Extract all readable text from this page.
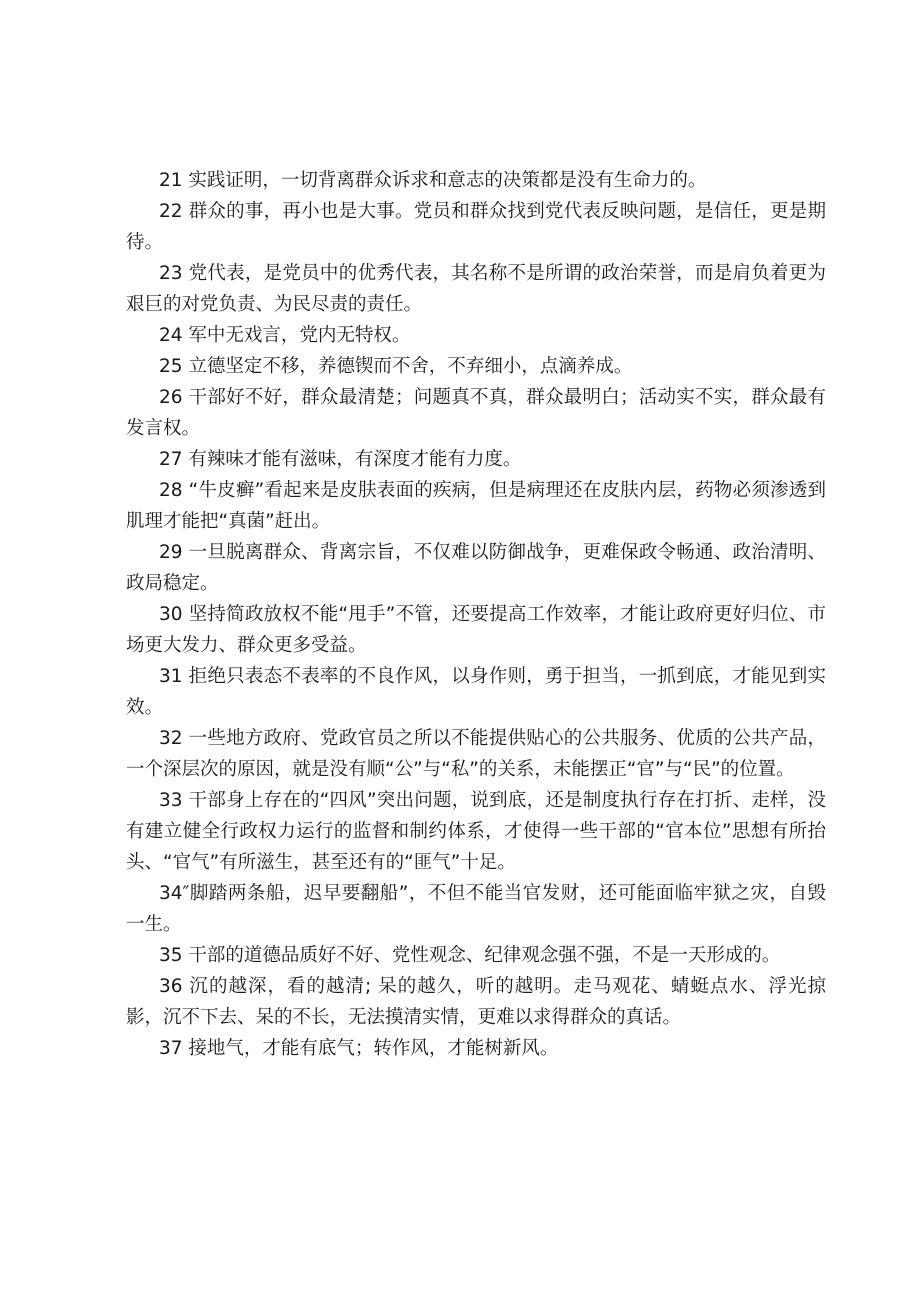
21 实践证明，一切背离群众诉求和意志的决策都是没有生命力的。

22 群众的事，再小也是大事。党员和群众找到党代表反映问题，是信任，更是期待。

23 党代表，是党员中的优秀代表，其名称不是所谓的政治荣誉，而是肩负着更为艰巨的对党负责、为民尽责的责任。

24 军中无戏言，党内无特权。

25 立德坚定不移，养德锲而不舍，不弃细小，点滴养成。

26 干部好不好，群众最清楚；问题真不真，群众最明白；活动实不实，群众最有发言权。

27 有辣味才能有滋味，有深度才能有力度。

28 “牛皮癣”看起来是皮肤表面的疾病，但是病理还在皮肤内层，药物必须渗透到肌理才能把“真菌”赶出。

29 一旦脱离群众、背离宗旨，不仅难以防御战争，更难保政令畅通、政治清明、政局稳定。

30 坚持简政放权不能“甩手”不管，还要提高工作效率，才能让政府更好归位、市场更大发力、群众更多受益。

31 拒绝只表态不表率的不良作风，以身作则，勇于担当，一抓到底，才能见到实效。

32 一些地方政府、党政官员之所以不能提供贴心的公共服务、优质的公共产品，一个深层次的原因，就是没有顺“公”与“私”的关系，未能摆正“官”与“民”的位置。

33 干部身上存在的“四风”突出问题，说到底，还是制度执行存在打折、走样，没有建立健全行政权力运行的监督和制约体系，才使得一些干部的“官本位”思想有所抬头、“官气”有所滋生，甚至还有的“匪气”十足。

34″脚踏两条船，迟早要翻船”，不但不能当官发财，还可能面临牢狱之灾，自毁一生。

35 干部的道德品质好不好、党性观念、纪律观念强不强，不是一天形成的。

36 沉的越深，看的越清; 呆的越久，听的越明。走马观花、蜻蜓点水、浮光掠影，沉不下去、呆的不长，无法摸清实情，更难以求得群众的真话。

37 接地气，才能有底气；转作风，才能树新风。
